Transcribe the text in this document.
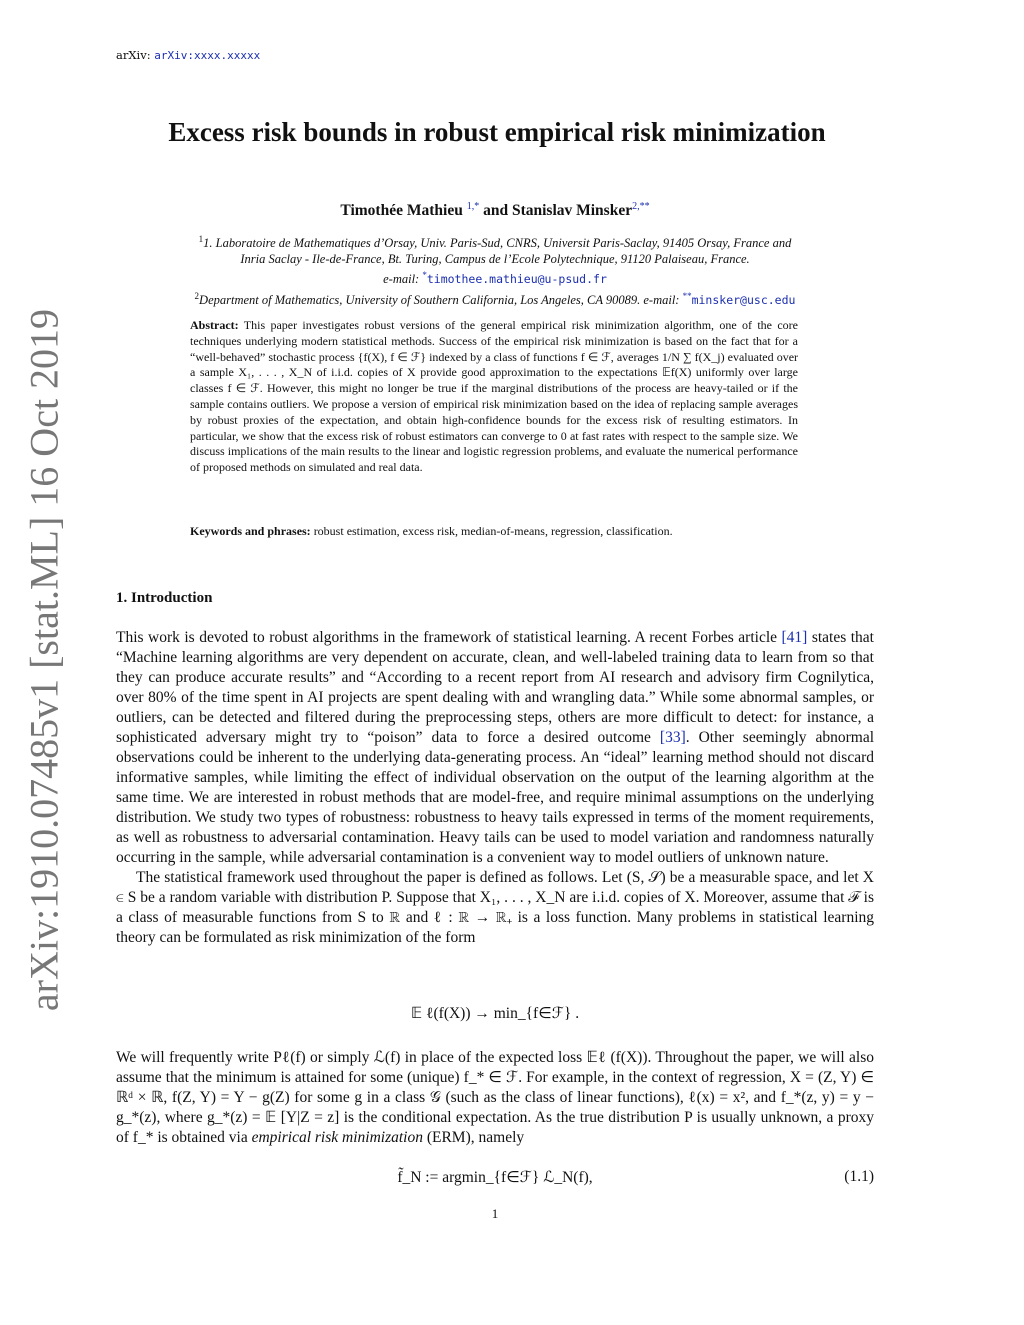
arXiv: arXiv:xxxx.xxxxx
arXiv:1910.07485v1 [stat.ML] 16 Oct 2019
Excess risk bounds in robust empirical risk minimization
Timothée Mathieu $^{1,*}$ and Stanislav Minsker$^{2,**}$
$^1$1. Laboratoire de Mathematiques d’Orsay, Univ. Paris-Sud, CNRS, Universit Paris-Saclay, 91405 Orsay, France and
Inria Saclay - Ile-de-France, Bt. Turing, Campus de l’Ecole Polytechnique, 91120 Palaiseau, France.
e-mail: *timothee.mathieu@u-psud.fr
$^2$Department of Mathematics, University of Southern California, Los Angeles, CA 90089. e-mail: **minsker@usc.edu
Abstract: This paper investigates robust versions of the general empirical risk minimization algorithm, one of the core techniques underlying modern statistical methods. Success of the empirical risk minimization is based on the fact that for a “well-behaved” stochastic process {f(X), f ∈ ℱ} indexed by a class of functions f ∈ ℱ, averages 1/N ∑ f(X_j) evaluated over a sample X₁, . . . , X_N of i.i.d. copies of X provide good approximation to the expectations 𝔼f(X) uniformly over large classes f ∈ ℱ. However, this might no longer be true if the marginal distributions of the process are heavy-tailed or if the sample contains outliers. We propose a version of empirical risk minimization based on the idea of replacing sample averages by robust proxies of the expectation, and obtain high-confidence bounds for the excess risk of resulting estimators. In particular, we show that the excess risk of robust estimators can converge to 0 at fast rates with respect to the sample size. We discuss implications of the main results to the linear and logistic regression problems, and evaluate the numerical performance of proposed methods on simulated and real data.
Keywords and phrases: robust estimation, excess risk, median-of-means, regression, classification.
1. Introduction

This work is devoted to robust algorithms in the framework of statistical learning. A recent Forbes article [41] states that “Machine learning algorithms are very dependent on accurate, clean, and well-labeled training data to learn from so that they can produce accurate results” and “According to a recent report from AI research and advisory firm Cognilytica, over 80% of the time spent in AI projects are spent dealing with and wrangling data.” While some abnormal samples, or outliers, can be detected and filtered during the preprocessing steps, others are more difficult to detect: for instance, a sophisticated adversary might try to “poison” data to force a desired outcome [33]. Other seemingly abnormal observations could be inherent to the underlying data-generating process. An “ideal” learning method should not discard informative samples, while limiting the effect of individual observation on the output of the learning algorithm at the same time. We are interested in robust methods that are model-free, and require minimal assumptions on the underlying distribution. We study two types of robustness: robustness to heavy tails expressed in terms of the moment requirements, as well as robustness to adversarial contamination. Heavy tails can be used to model variation and randomness naturally occurring in the sample, while adversarial contamination is a convenient way to model outliers of unknown nature.

The statistical framework used throughout the paper is defined as follows. Let (S, 𝒮) be a measurable space, and let X ∈ S be a random variable with distribution P. Suppose that X₁, . . . , X_N are i.i.d. copies of X. Moreover, assume that ℱ is a class of measurable functions from S to ℝ and ℓ : ℝ → ℝ₊ is a loss function. Many problems in statistical learning theory can be formulated as risk minimization of the form

𝔼 ℓ(f(X)) → min_{f∈ℱ} .

We will frequently write Pℓ(f) or simply ℒ(f) in place of the expected loss 𝔼ℓ (f(X)). Throughout the paper, we will also assume that the minimum is attained for some (unique) f_* ∈ ℱ. For example, in the context of regression, X = (Z, Y) ∈ ℝᵈ × ℝ, f(Z, Y) = Y − g(Z) for some g in a class 𝒢 (such as the class of linear functions), ℓ(x) = x², and f_*(z, y) = y − g_*(z), where g_*(z) = 𝔼 [Y|Z = z] is the conditional expectation. As the true distribution P is usually unknown, a proxy of f_* is obtained via empirical risk minimization (ERM), namely

f̃_N := argmin_{f∈ℱ} ℒ_N(f),	(1.1)
1
